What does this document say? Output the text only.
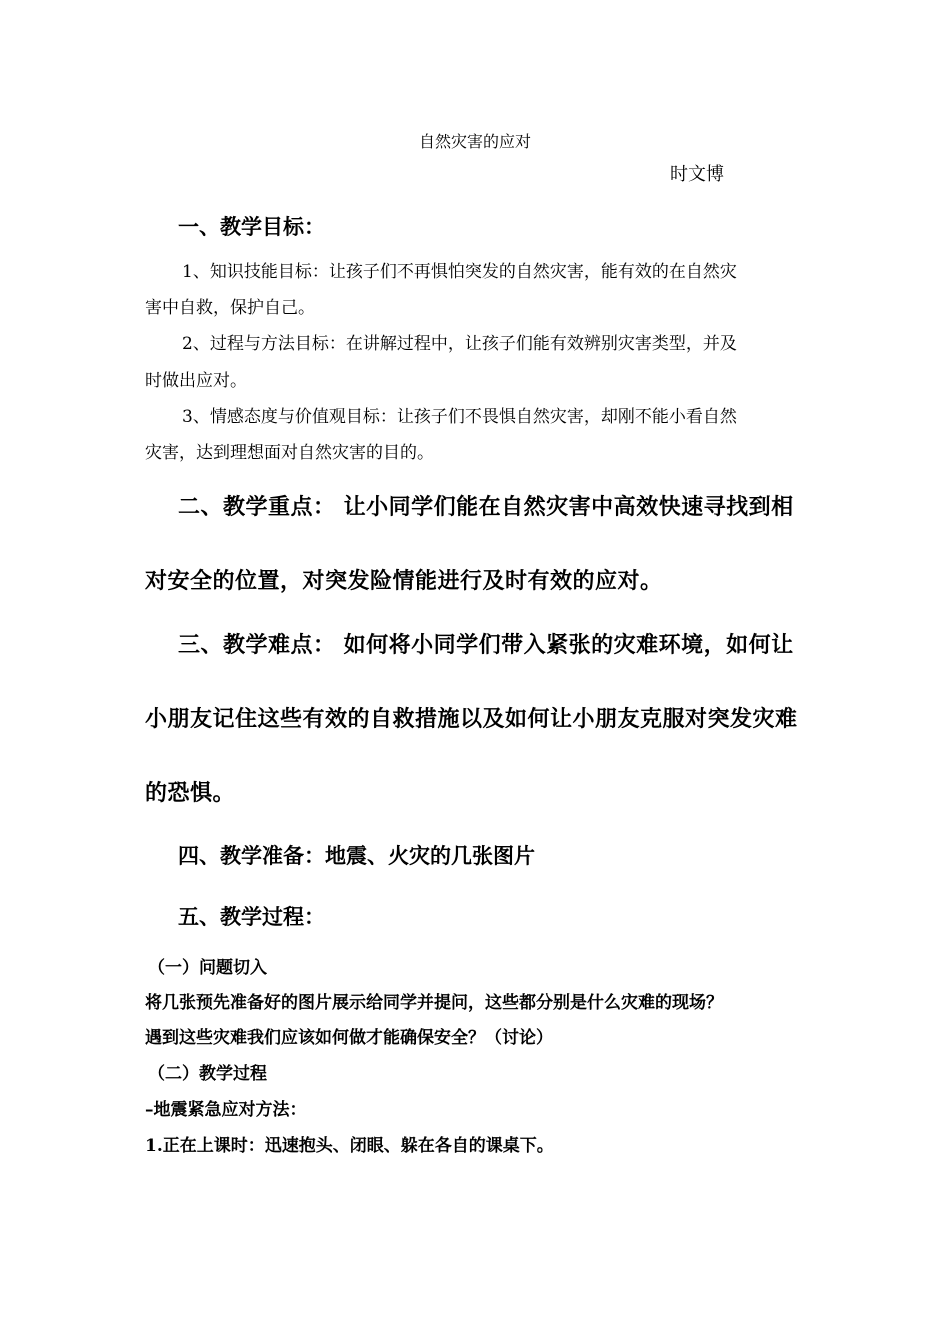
自然灾害的应对
时文博
一、教学目标：
1、知识技能目标：让孩子们不再惧怕突发的自然灾害，能有效的在自然灾
害中自救，保护自己。
2、过程与方法目标：在讲解过程中，让孩子们能有效辨别灾害类型，并及
时做出应对。
3、情感态度与价值观目标：让孩子们不畏惧自然灾害，却刚不能小看自然
灾害，达到理想面对自然灾害的目的。
二、教学重点： 让小同学们能在自然灾害中高效快速寻找到相
对安全的位置，对突发险情能进行及时有效的应对。
三、教学难点： 如何将小同学们带入紧张的灾难环境，如何让
小朋友记住这些有效的自救措施以及如何让小朋友克服对突发灾难
的恐惧。
四、教学准备：地震、火灾的几张图片
五、教学过程：
（一）问题切入
将几张预先准备好的图片展示给同学并提问，这些都分别是什么灾难的现场？
遇到这些灾难我们应该如何做才能确保安全？（讨论）
（二）教学过程
–地震紧急应对方法：
1.正在上课时：迅速抱头、闭眼、躲在各自的课桌下。
